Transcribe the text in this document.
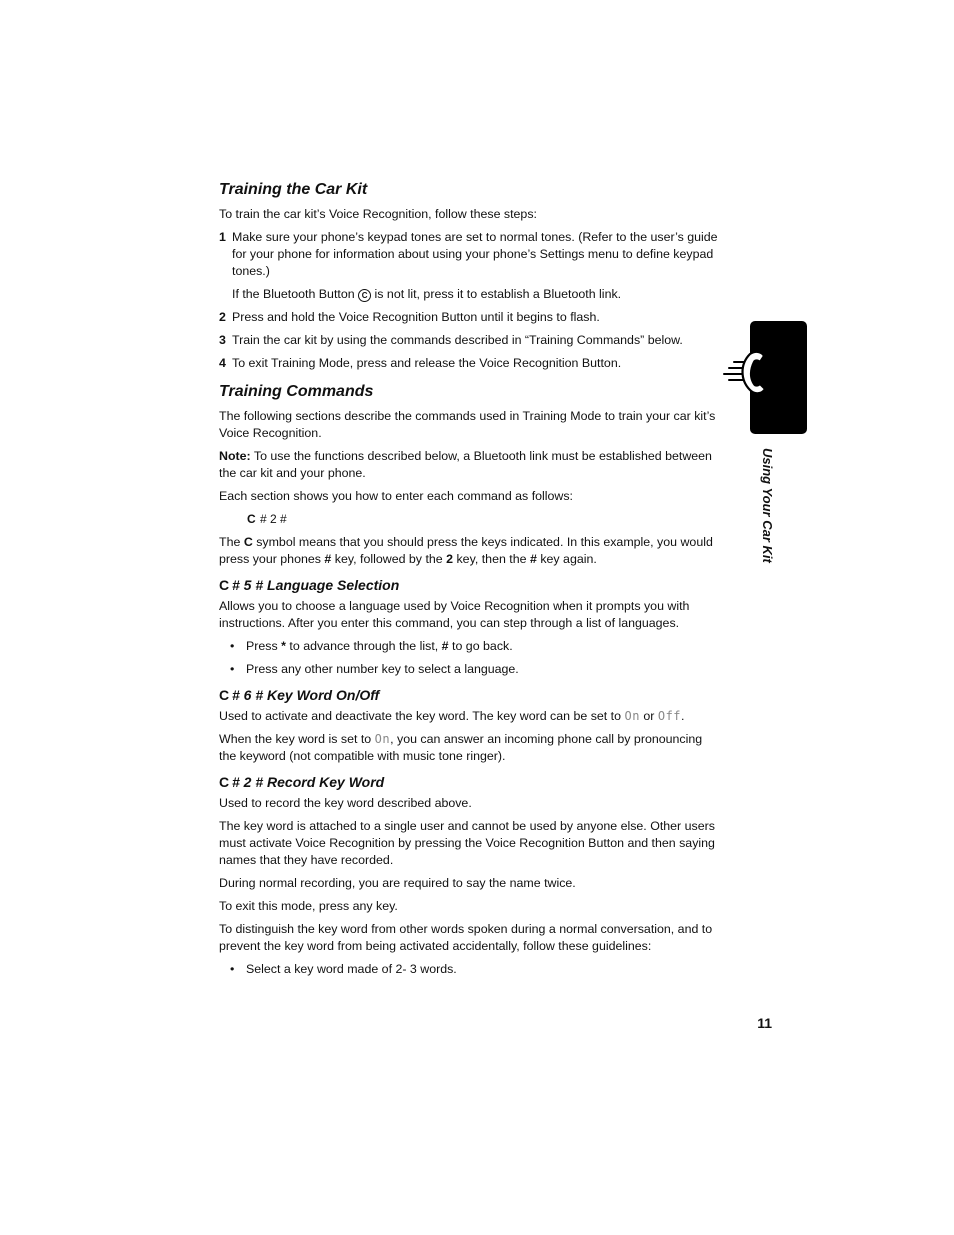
Training the Car Kit

To train the car kit’s Voice Recognition, follow these steps:

1 Make sure your phone’s keypad tones are set to normal tones. (Refer to the user’s guide for your phone for information about using your phone’s Settings menu to define keypad tones.)

If the Bluetooth Button C is not lit, press it to establish a Bluetooth link.

2 Press and hold the Voice Recognition Button until it begins to flash.
3 Train the car kit by using the commands described in “Training Commands” below.
4 To exit Training Mode, press and release the Voice Recognition Button.
Training Commands

The following sections describe the commands used in Training Mode to train your car kit’s Voice Recognition.

Note: To use the functions described below, a Bluetooth link must be established between the car kit and your phone.

Each section shows you how to enter each command as follows:

C # 2 #

The C symbol means that you should press the keys indicated. In this example, you would press your phones # key, followed by the 2 key, then the # key again.

C # 5 # Language Selection

Allows you to choose a language used by Voice Recognition when it prompts you with instructions. After you enter this command, you can step through a list of languages.

• Press * to advance through the list, # to go back.
• Press any other number key to select a language.
C # 6 # Key Word On/Off

Used to activate and deactivate the key word. The key word can be set to On or Off.

When the key word is set to On, you can answer an incoming phone call by pronouncing the keyword (not compatible with music tone ringer).

C # 2 # Record Key Word

Used to record the key word described above.

The key word is attached to a single user and cannot be used by anyone else. Other users must activate Voice Recognition by pressing the Voice Recognition Button and then saying names that they have recorded.

During normal recording, you are required to say the name twice.

To exit this mode, press any key.

To distinguish the key word from other words spoken during a normal conversation, and to prevent the key word from being activated accidentally, follow these guidelines:

• Select a key word made of 2- 3 words.
Using Your Car Kit
11
